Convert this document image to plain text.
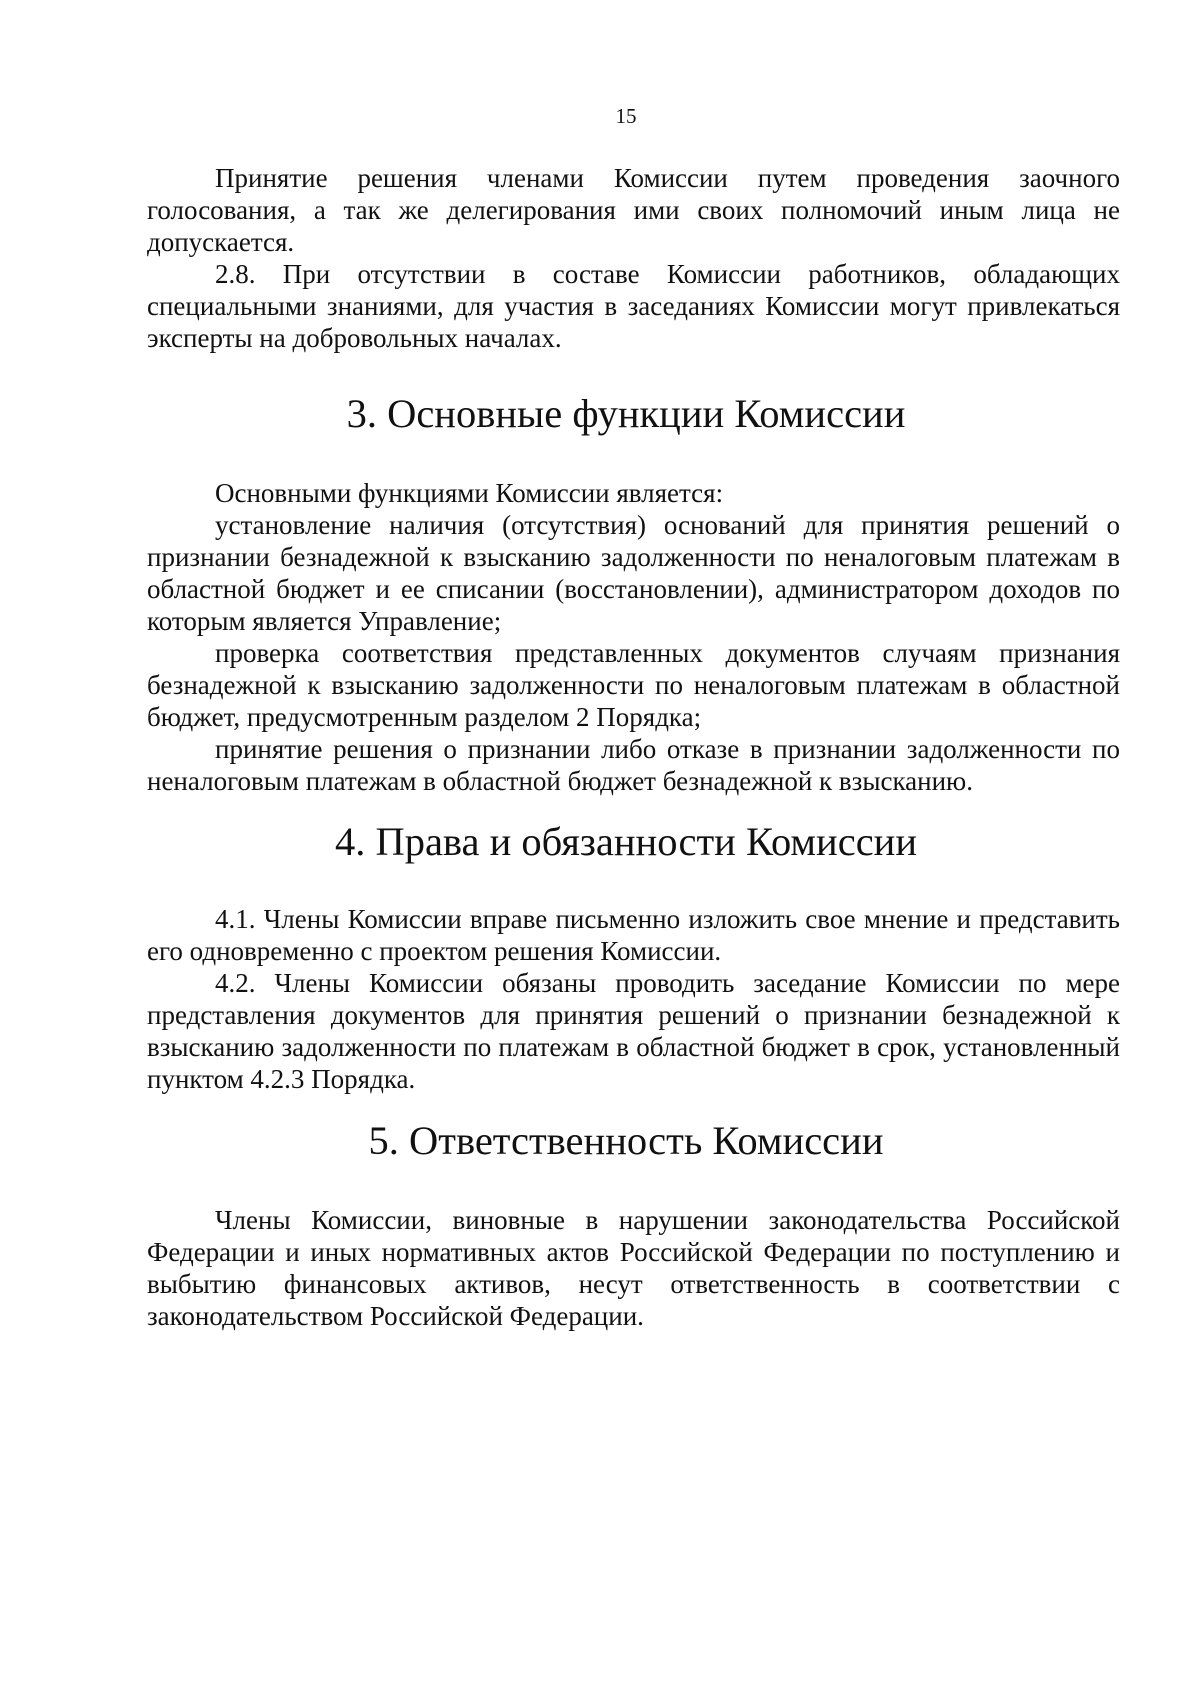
15

Принятие решения членами Комиссии путем проведения заочного голосования, а так же делегирования ими своих полномочий иным лица не допускается.

2.8. При отсутствии в составе Комиссии работников, обладающих специальными знаниями, для участия в заседаниях Комиссии могут привлекаться эксперты на добровольных началах.

3. Основные функции Комиссии

Основными функциями Комиссии является:

установление наличия (отсутствия) оснований для принятия решений о признании безнадежной к взысканию задолженности по неналоговым платежам в областной бюджет и ее списании (восстановлении), администратором доходов по которым является Управление;

проверка соответствия представленных документов случаям признания безнадежной к взысканию задолженности по неналоговым платежам в областной бюджет, предусмотренным разделом 2 Порядка;

принятие решения о признании либо отказе в признании задолженности по неналоговым платежам в областной бюджет безнадежной к взысканию.

4. Права и обязанности Комиссии

4.1. Члены Комиссии вправе письменно изложить свое мнение и представить его одновременно с проектом решения Комиссии.

4.2. Члены Комиссии обязаны проводить заседание Комиссии по мере представления документов для принятия решений о признании безнадежной к взысканию задолженности по платежам в областной бюджет в срок, установленный пунктом 4.2.3 Порядка.

5. Ответственность Комиссии

Члены Комиссии, виновные в нарушении законодательства Российской Федерации и иных нормативных актов Российской Федерации по поступлению и выбытию финансовых активов, несут ответственность в соответствии с законодательством Российской Федерации.
